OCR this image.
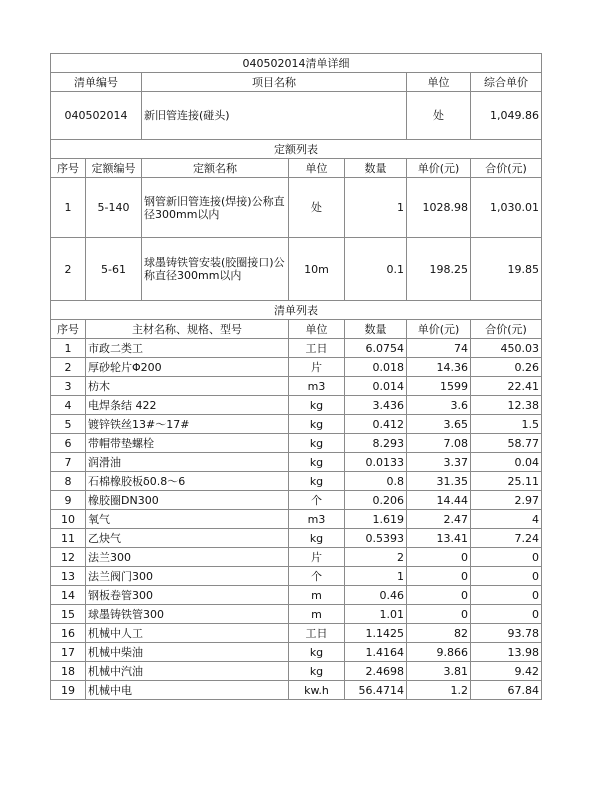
040502014清单详细						
清单编号		项目名称			单位	综合单价
040502014		新旧管连接(碰头)			处	1,049.86
定额列表						
序号	定额编号	定额名称	单位	数量	单价(元)	合价(元)
1	5-140	钢管新旧管连接(焊接)公称直径300mm以内	处	1	1028.98	1,030.01
2	5-61	球墨铸铁管安装(胶圈接口)公称直径300mm以内	10m	0.1	198.25	19.85
清单列表						
序号	主材名称、规格、型号		单位	数量	单价(元)	合价(元)
1	市政二类工		工日	6.0754	74	450.03
2	厚砂轮片Φ200		片	0.018	14.36	0.26
3	枋木		m3	0.014	1599	22.41
4	电焊条结 422		kg	3.436	3.6	12.38
5	镀锌铁丝13#～17#		kg	0.412	3.65	1.5
6	带帽带垫螺栓		kg	8.293	7.08	58.77
7	润滑油		kg	0.0133	3.37	0.04
8	石棉橡胶板δ0.8～6		kg	0.8	31.35	25.11
9	橡胶圈DN300		个	0.206	14.44	2.97
10	氧气		m3	1.619	2.47	4
11	乙炔气		kg	0.5393	13.41	7.24
12	法兰300		片	2	0	0
13	法兰阀门300		个	1	0	0
14	钢板卷管300		m	0.46	0	0
15	球墨铸铁管300		m	1.01	0	0
16	机械中人工		工日	1.1425	82	93.78
17	机械中柴油		kg	1.4164	9.866	13.98
18	机械中汽油		kg	2.4698	3.81	9.42
19	机械中电		kw.h	56.4714	1.2	67.84
